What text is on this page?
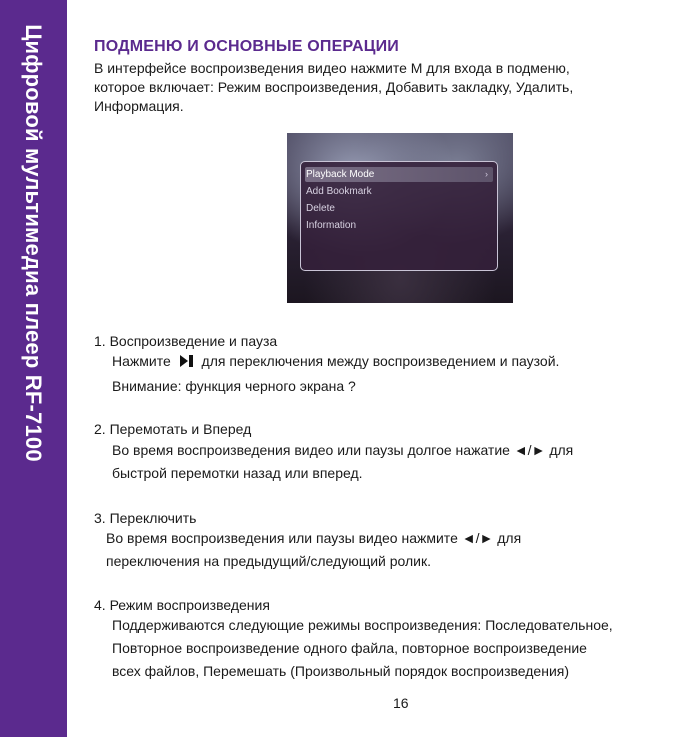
Цифровой мультимедиа плеер RF-7100	ПОДМЕНЮ И ОСНОВНЫЕ ОПЕРАЦИИ
В интерфейсе воспроизведения видео нажмите M для входа в подменю,
которое включает: Режим воспроизведения, Добавить закладку, Удалить,
Информация.
Playback Mode	›
Add Bookmark
Delete
Information
1. Воспроизведение и пауза
Нажмите для переключения между воспроизведением и паузой.
Внимание: функция черного экрана ?
2. Перемотать и Вперед
Во время воспроизведения видео или паузы долгое нажатие ◄/► для
быстрой перемотки назад или вперед.
3. Переключить
Во время воспроизведения или паузы видео нажмите ◄/► для
переключения на предыдущий/следующий ролик.
4. Режим воспроизведения
Поддерживаются следующие режимы воспроизведения: Последовательное,
Повторное воспроизведение одного файла, повторное воспроизведение
всех файлов, Перемешать (Произвольный порядок воспроизведения)
16
